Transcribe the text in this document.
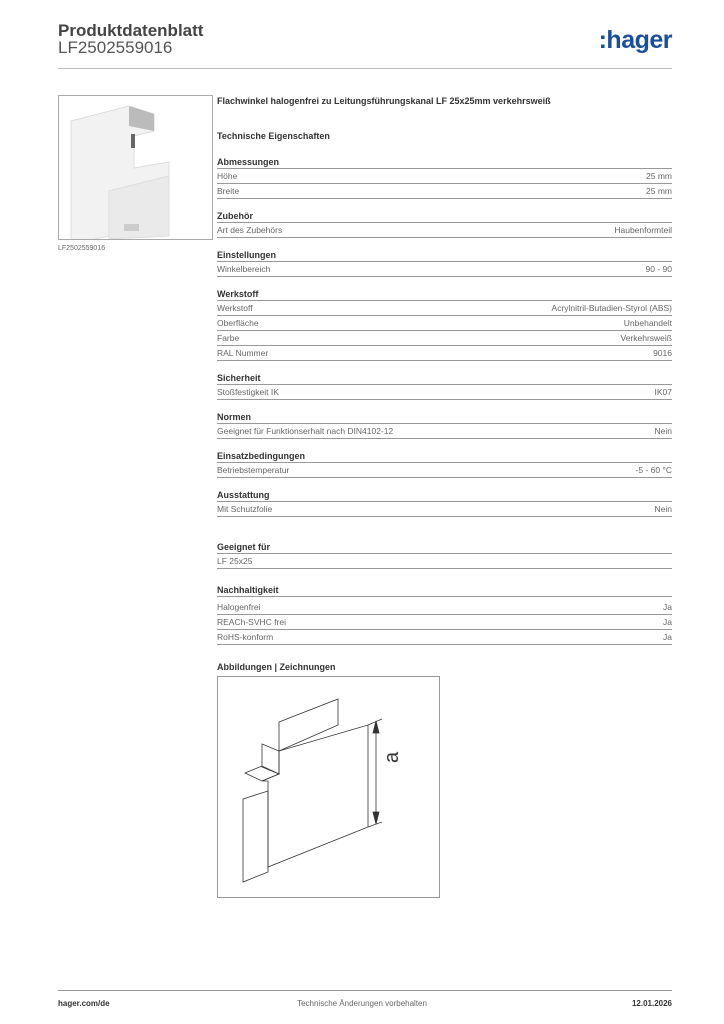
Produktdatenblatt
LF2502559016	:hager
LF2502559016
Flachwinkel halogenfrei zu Leitungsführungskanal LF 25x25mm verkehrsweiß
Technische Eigenschaften
Abmessungen
Höhe	25 mm
Breite	25 mm
Zubehör
Art des Zubehörs	Haubenformteil
Einstellungen
Winkelbereich	90 - 90
Werkstoff
Werkstoff	Acrylnitril-Butadien-Styrol (ABS)
Oberfläche	Unbehandelt
Farbe	Verkehrsweiß
RAL Nummer	9016
Sicherheit
Stoßfestigkeit IK	IK07
Normen
Geeignet für Funktionserhalt nach DIN4102-12	Nein
Einsatzbedingungen
Betriebstemperatur	-5 - 60 °C
Ausstattung
Mit Schutzfolie	Nein
Geeignet für
LF 25x25
Nachhaltigkeit
Halogenfrei	Ja
REACh-SVHC frei	Ja
RoHS-konform	Ja
Abbildungen | Zeichnungen
a
hager.com/de	Technische Änderungen vorbehalten	12.01.2026
